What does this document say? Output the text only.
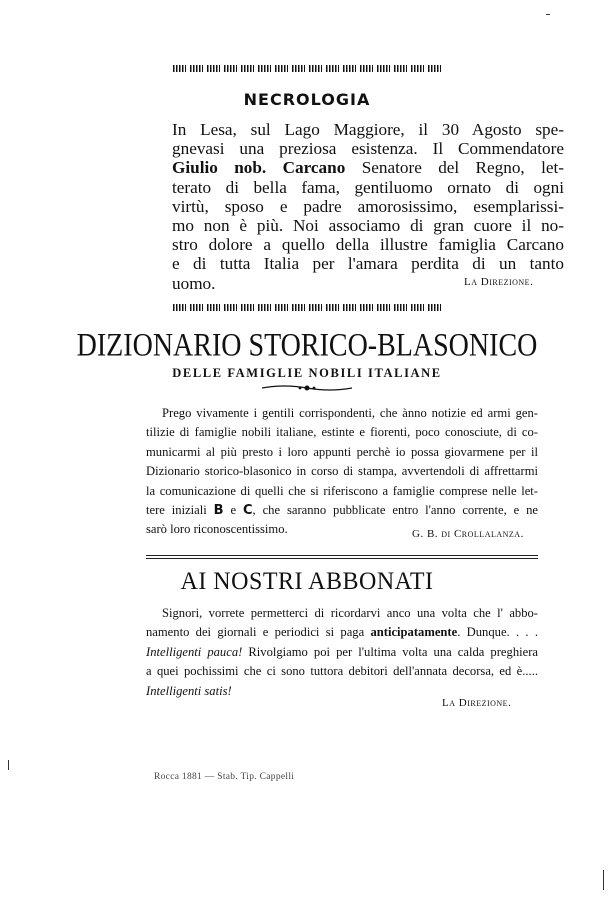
NECROLOGIA
In Lesa, sul Lago Maggiore, il 30 Agosto spe-
gnevasi una preziosa esistenza. Il Commendatore
Giulio nob. Carcano Senatore del Regno, let-
terato di bella fama, gentiluomo ornato di ogni
virtù, sposo e padre amorosissimo, esemplarissi-
mo non è più. Noi associamo di gran cuore il no-
stro dolore a quello della illustre famiglia Carcano
e di tutta Italia per l'amara perdita di un tanto
uomo.	La Direzione.
DIZIONARIO STORICO-BLASONICO
DELLE FAMIGLIE NOBILI ITALIANE
Prego vivamente i gentili corrispondenti, che ànno notizie ed armi gen-
tilizie di famiglie nobili italiane, estinte e fiorenti, poco conosciute, di co-
municarmi al più presto i loro appunti perchè io possa giovarmene per il
Dizionario storico-blasonico in corso di stampa, avvertendoli di affrettarmi
la comunicazione di quelli che si riferiscono a famiglie comprese nelle let-
tere iniziali B e C, che saranno pubblicate entro l'anno corrente, e ne
sarò loro riconoscentissimo.	G. B. di Crollalanza.
AI NOSTRI ABBONATI
Signori, vorrete permetterci di ricordarvi anco una volta che l' abbo-
namento dei giornali e periodici si paga anticipatamente. Dunque. . . .
Intelligenti pauca! Rivolgiamo poi per l'ultima volta una calda preghiera
a quei pochissimi che ci sono tuttora debitori dell'annata decorsa, ed è.....
Intelligenti satis!
La Direzione.
Rocca 1881 — Stab. Tip. Cappelli
